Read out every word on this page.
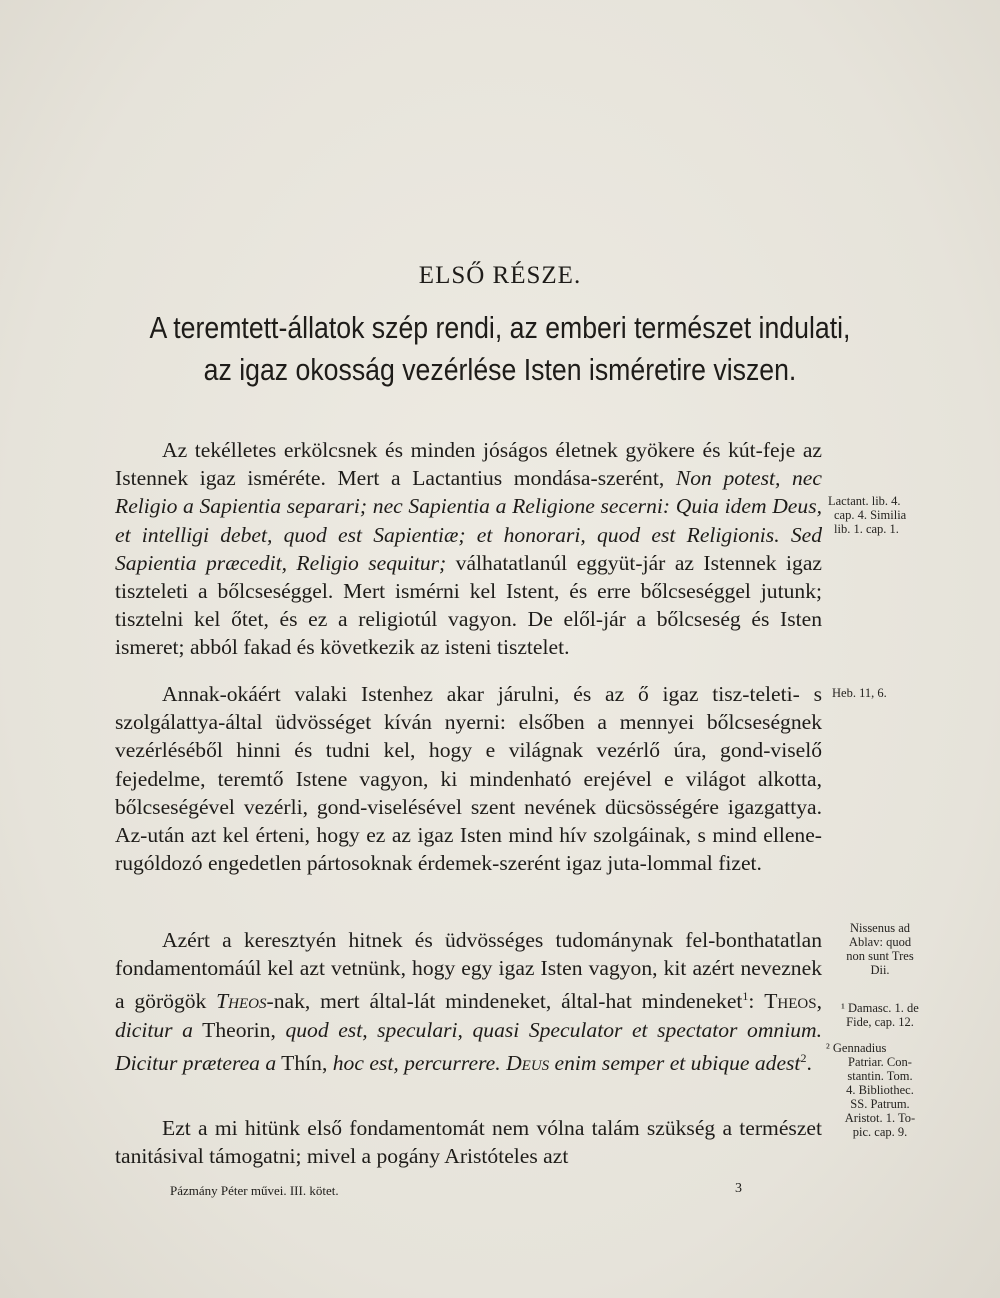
ELSŐ RÉSZE.
A teremtett-állatok szép rendi, az emberi természet indulati,
az igaz okosság vezérlése Isten isméretire viszen.

Az tekélletes erkölcsnek és minden jóságos életnek gyökere és kút-feje az Istennek igaz isméréte. Mert a Lactantius mondása-szerént, Non potest, nec Religio a Sapientia separari; nec Sapientia a Religione secerni: Quia idem Deus, et intelligi debet, quod est Sapientiæ; et honorari, quod est Religionis. Sed Sapientia præcedit, Religio sequitur; válhatatlanúl eggyüt-jár az Istennek igaz tiszteleti a bőlcseséggel. Mert ismérni kel Istent, és erre bőlcseséggel jutunk; tisztelni kel őtet, és ez a religiotúl vagyon. De elől-jár a bőlcseség és Isten ismeret; abból fakad és következik az isteni tisztelet.

Annak-okáért valaki Istenhez akar járulni, és az ő igaz tisz-teleti- s szolgálattya-által üdvösséget kíván nyerni: elsőben a mennyei bőlcseségnek vezérléséből hinni és tudni kel, hogy e világnak vezérlő úra, gond-viselő fejedelme, teremtő Istene vagyon, ki mindenható erejével e világot alkotta, bőlcseségével vezérli, gond-viselésével szent nevének dücsösségére igazgattya. Az-után azt kel érteni, hogy ez az igaz Isten mind hív szolgáinak, s mind ellene-rugóldozó engedetlen pártosoknak érdemek-szerént igaz juta-lommal fizet.

Azért a keresztyén hitnek és üdvösséges tudománynak fel-bonthatatlan fondamentomáúl kel azt vetnünk, hogy egy igaz Isten vagyon, kit azért neveznek a görögök Theos-nak, mert által-lát mindeneket, által-hat mindeneket$^1$: Theos, dicitur a Theorin, quod est, speculari, quasi Speculator et spectator omnium. Dicitur præterea a Thín, hoc est, percurrere. Deus enim semper et ubique adest$^2$.

Ezt a mi hitünk első fondamentomát nem vólna talám szükség a természet tanitásival támogatni; mivel a pogány Aristóteles azt

Lactant. lib. 4.
cap. 4. Similia
lib. 1. cap. 1.
Heb. 11, 6.
Nissenus ad
Ablav: quod
non sunt Tres
Dii.
¹ Damasc. 1. de
Fide, cap. 12.
² Gennadius
Patriar. Con-
stantin. Tom.
4. Bibliothec.
SS. Patrum.
Aristot. 1. To-
pic. cap. 9.
Pázmány Péter művei. III. kötet.	3
